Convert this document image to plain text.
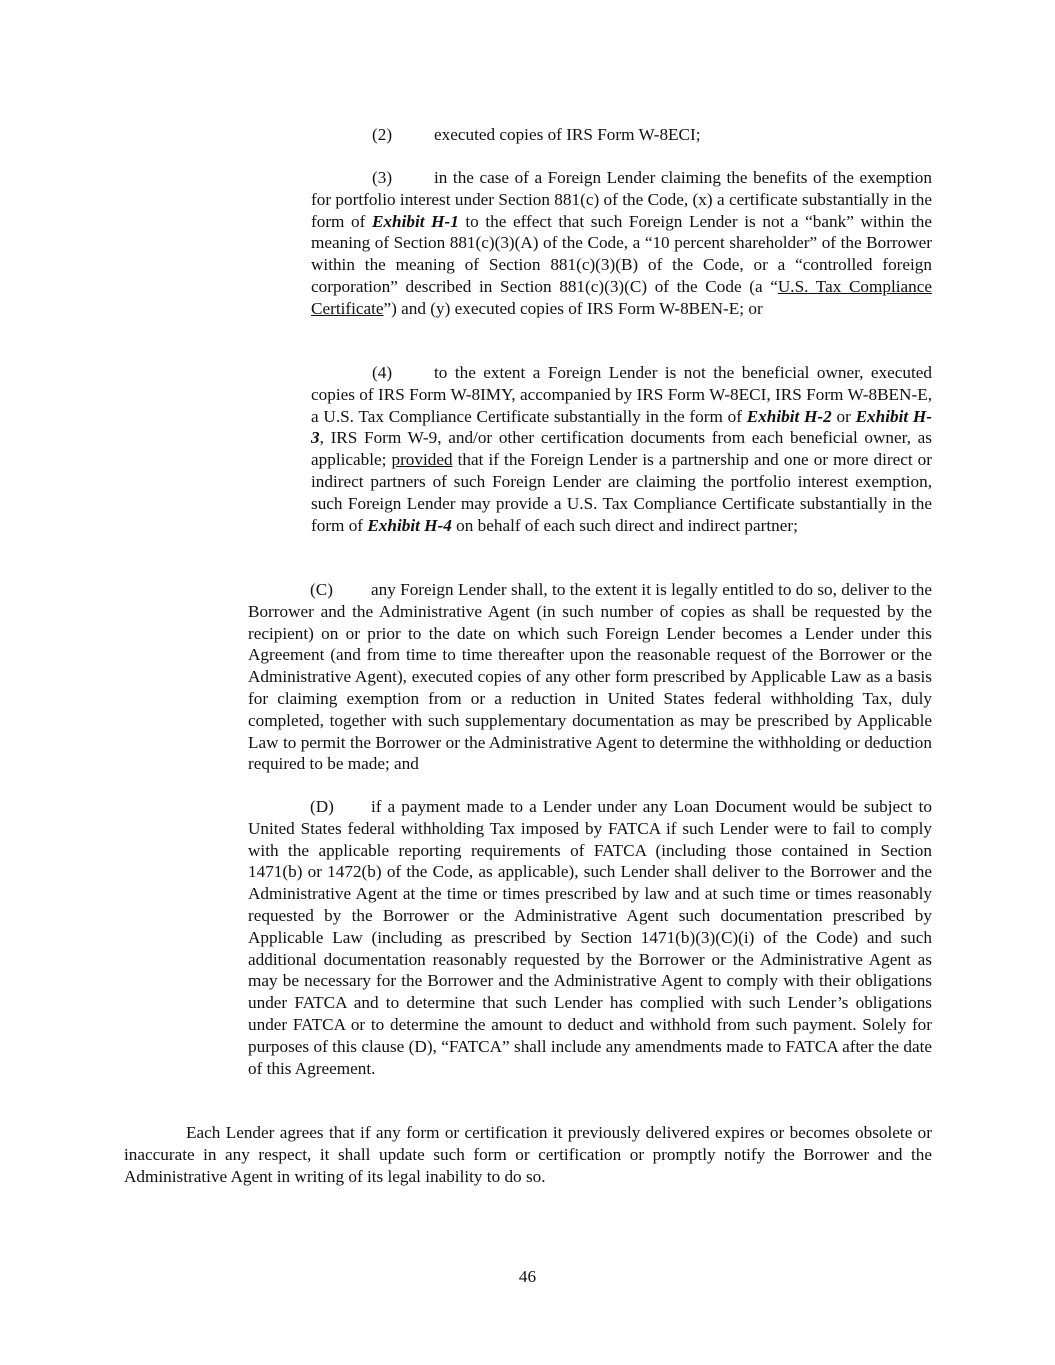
(2) executed copies of IRS Form W-8ECI;

(3) in the case of a Foreign Lender claiming the benefits of the exemption for portfolio interest under Section 881(c) of the Code, (x) a certificate substantially in the form of Exhibit H-1 to the effect that such Foreign Lender is not a “bank” within the meaning of Section 881(c)(3)(A) of the Code, a “10 percent shareholder” of the Borrower within the meaning of Section 881(c)(3)(B) of the Code, or a “controlled foreign corporation” described in Section 881(c)(3)(C) of the Code (a “U.S. Tax Compliance Certificate”) and (y) executed copies of IRS Form W-8BEN-E; or

(4) to the extent a Foreign Lender is not the beneficial owner, executed copies of IRS Form W-8IMY, accompanied by IRS Form W-8ECI, IRS Form W-8BEN-E, a U.S. Tax Compliance Certificate substantially in the form of Exhibit H-2 or Exhibit H-3, IRS Form W-9, and/or other certification documents from each beneficial owner, as applicable; provided that if the Foreign Lender is a partnership and one or more direct or indirect partners of such Foreign Lender are claiming the portfolio interest exemption, such Foreign Lender may provide a U.S. Tax Compliance Certificate substantially in the form of Exhibit H-4 on behalf of each such direct and indirect partner;

(C) any Foreign Lender shall, to the extent it is legally entitled to do so, deliver to the Borrower and the Administrative Agent (in such number of copies as shall be requested by the recipient) on or prior to the date on which such Foreign Lender becomes a Lender under this Agreement (and from time to time thereafter upon the reasonable request of the Borrower or the Administrative Agent), executed copies of any other form prescribed by Applicable Law as a basis for claiming exemption from or a reduction in United States federal withholding Tax, duly completed, together with such supplementary documentation as may be prescribed by Applicable Law to permit the Borrower or the Administrative Agent to determine the withholding or deduction required to be made; and

(D) if a payment made to a Lender under any Loan Document would be subject to United States federal withholding Tax imposed by FATCA if such Lender were to fail to comply with the applicable reporting requirements of FATCA (including those contained in Section 1471(b) or 1472(b) of the Code, as applicable), such Lender shall deliver to the Borrower and the Administrative Agent at the time or times prescribed by law and at such time or times reasonably requested by the Borrower or the Administrative Agent such documentation prescribed by Applicable Law (including as prescribed by Section 1471(b)(3)(C)(i) of the Code) and such additional documentation reasonably requested by the Borrower or the Administrative Agent as may be necessary for the Borrower and the Administrative Agent to comply with their obligations under FATCA and to determine that such Lender has complied with such Lender’s obligations under FATCA or to determine the amount to deduct and withhold from such payment. Solely for purposes of this clause (D), “FATCA” shall include any amendments made to FATCA after the date of this Agreement.

Each Lender agrees that if any form or certification it previously delivered expires or becomes obsolete or inaccurate in any respect, it shall update such form or certification or promptly notify the Borrower and the Administrative Agent in writing of its legal inability to do so.

46
